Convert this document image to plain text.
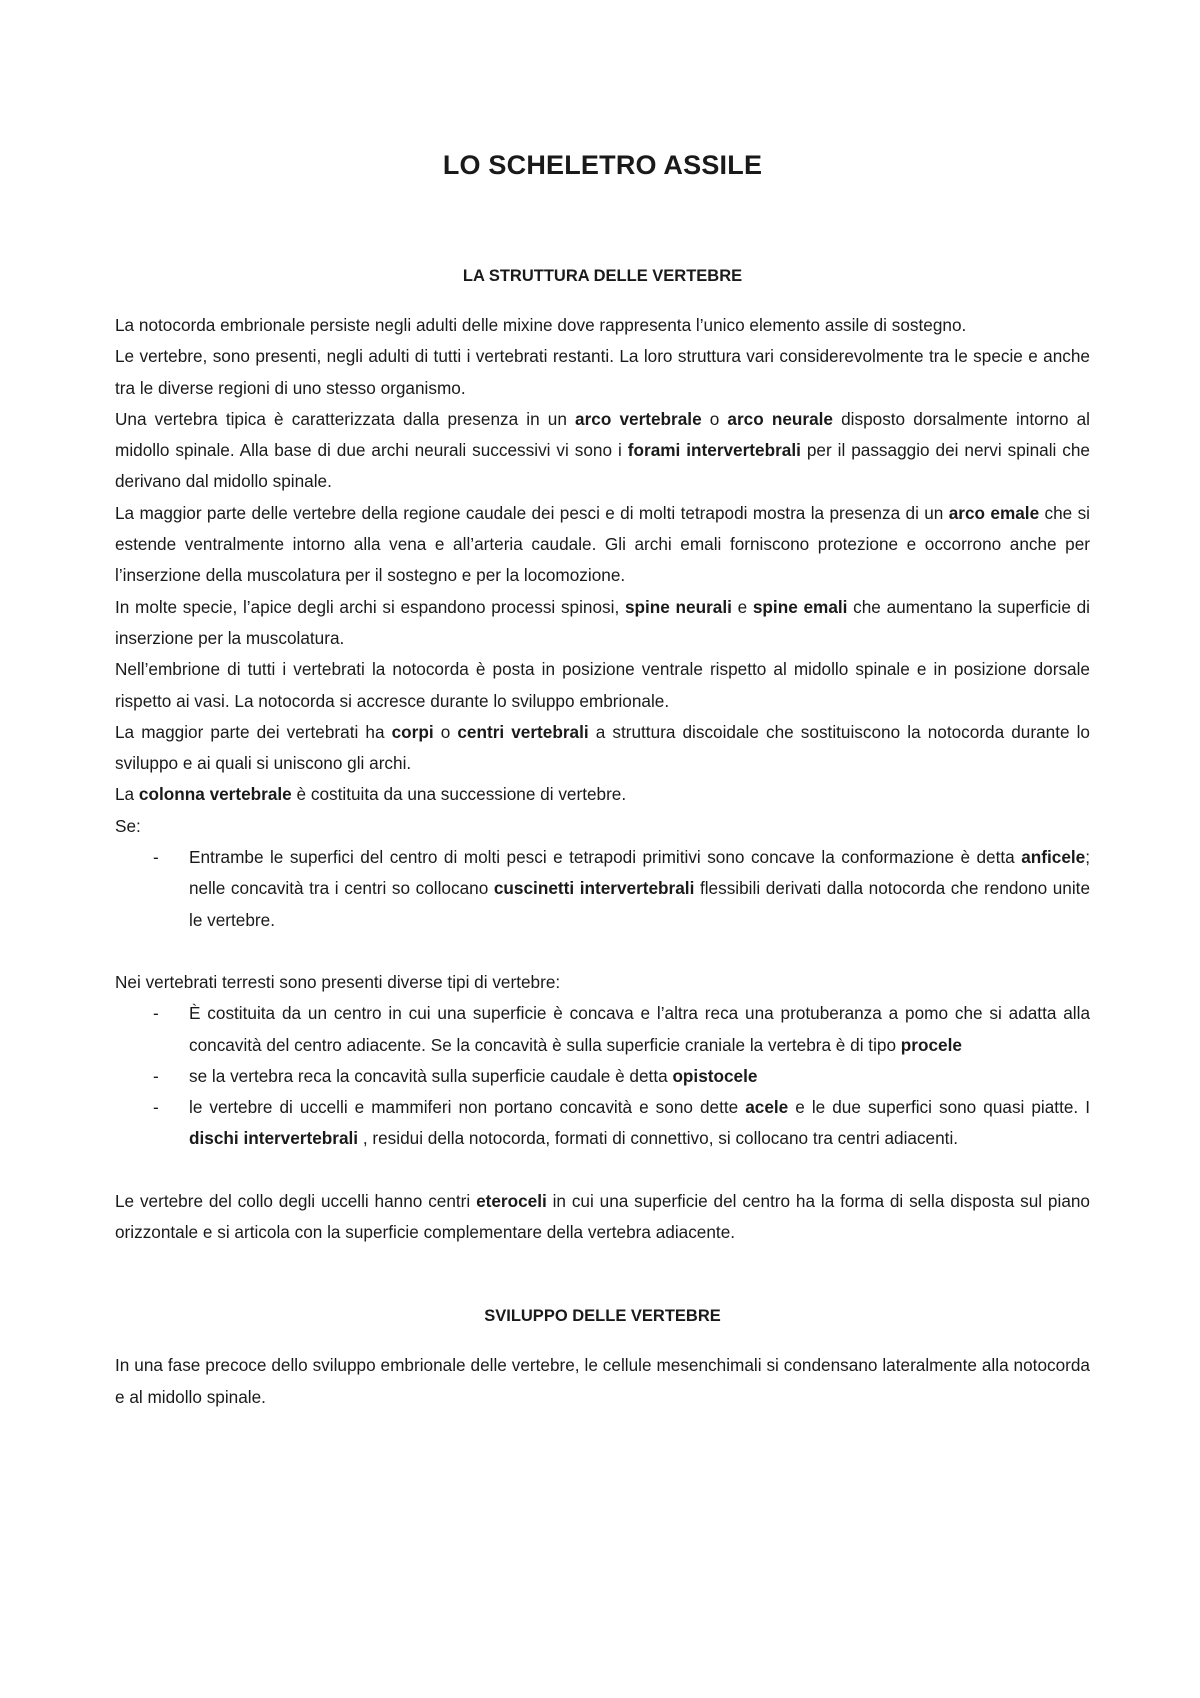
LO SCHELETRO ASSILE
LA STRUTTURA DELLE VERTEBRE

La notocorda embrionale persiste negli adulti delle mixine dove rappresenta l’unico elemento assile di sostegno.

Le vertebre, sono presenti, negli adulti di tutti i vertebrati restanti. La loro struttura vari considerevolmente tra le specie e anche tra le diverse regioni di uno stesso organismo.

Una vertebra tipica è caratterizzata dalla presenza in un arco vertebrale o arco neurale disposto dorsalmente intorno al midollo spinale. Alla base di due archi neurali successivi vi sono i forami intervertebrali per il passaggio dei nervi spinali che derivano dal midollo spinale.

La maggior parte delle vertebre della regione caudale dei pesci e di molti tetrapodi mostra la presenza di un arco emale che si estende ventralmente intorno alla vena e all’arteria caudale. Gli archi emali forniscono protezione e occorrono anche per l’inserzione della muscolatura per il sostegno e per la locomozione.

In molte specie, l’apice degli archi si espandono processi spinosi, spine neurali e spine emali che aumentano la superficie di inserzione per la muscolatura.

Nell’embrione di tutti i vertebrati la notocorda è posta in posizione ventrale rispetto al midollo spinale e in posizione dorsale rispetto ai vasi. La notocorda si accresce durante lo sviluppo embrionale.

La maggior parte dei vertebrati ha corpi o centri vertebrali a struttura discoidale che sostituiscono la notocorda durante lo sviluppo e ai quali si uniscono gli archi.

La colonna vertebrale è costituita da una successione di vertebre.

Se:

- Entrambe le superfici del centro di molti pesci e tetrapodi primitivi sono concave la conformazione è detta anficele; nelle concavità tra i centri so collocano cuscinetti intervertebrali flessibili derivati dalla notocorda che rendono unite le vertebre.

Nei vertebrati terresti sono presenti diverse tipi di vertebre:

- È costituita da un centro in cui una superficie è concava e l’altra reca una protuberanza a pomo che si adatta alla concavità del centro adiacente. Se la concavità è sulla superficie craniale la vertebra è di tipo procele
- se la vertebra reca la concavità sulla superficie caudale è detta opistocele
- le vertebre di uccelli e mammiferi non portano concavità e sono dette acele e le due superfici sono quasi piatte. I dischi intervertebrali , residui della notocorda, formati di connettivo, si collocano tra centri adiacenti.

Le vertebre del collo degli uccelli hanno centri eteroceli in cui una superficie del centro ha la forma di sella disposta sul piano orizzontale e si articola con la superficie complementare della vertebra adiacente.

SVILUPPO DELLE VERTEBRE

In una fase precoce dello sviluppo embrionale delle vertebre, le cellule mesenchimali si condensano lateralmente alla notocorda e al midollo spinale.
